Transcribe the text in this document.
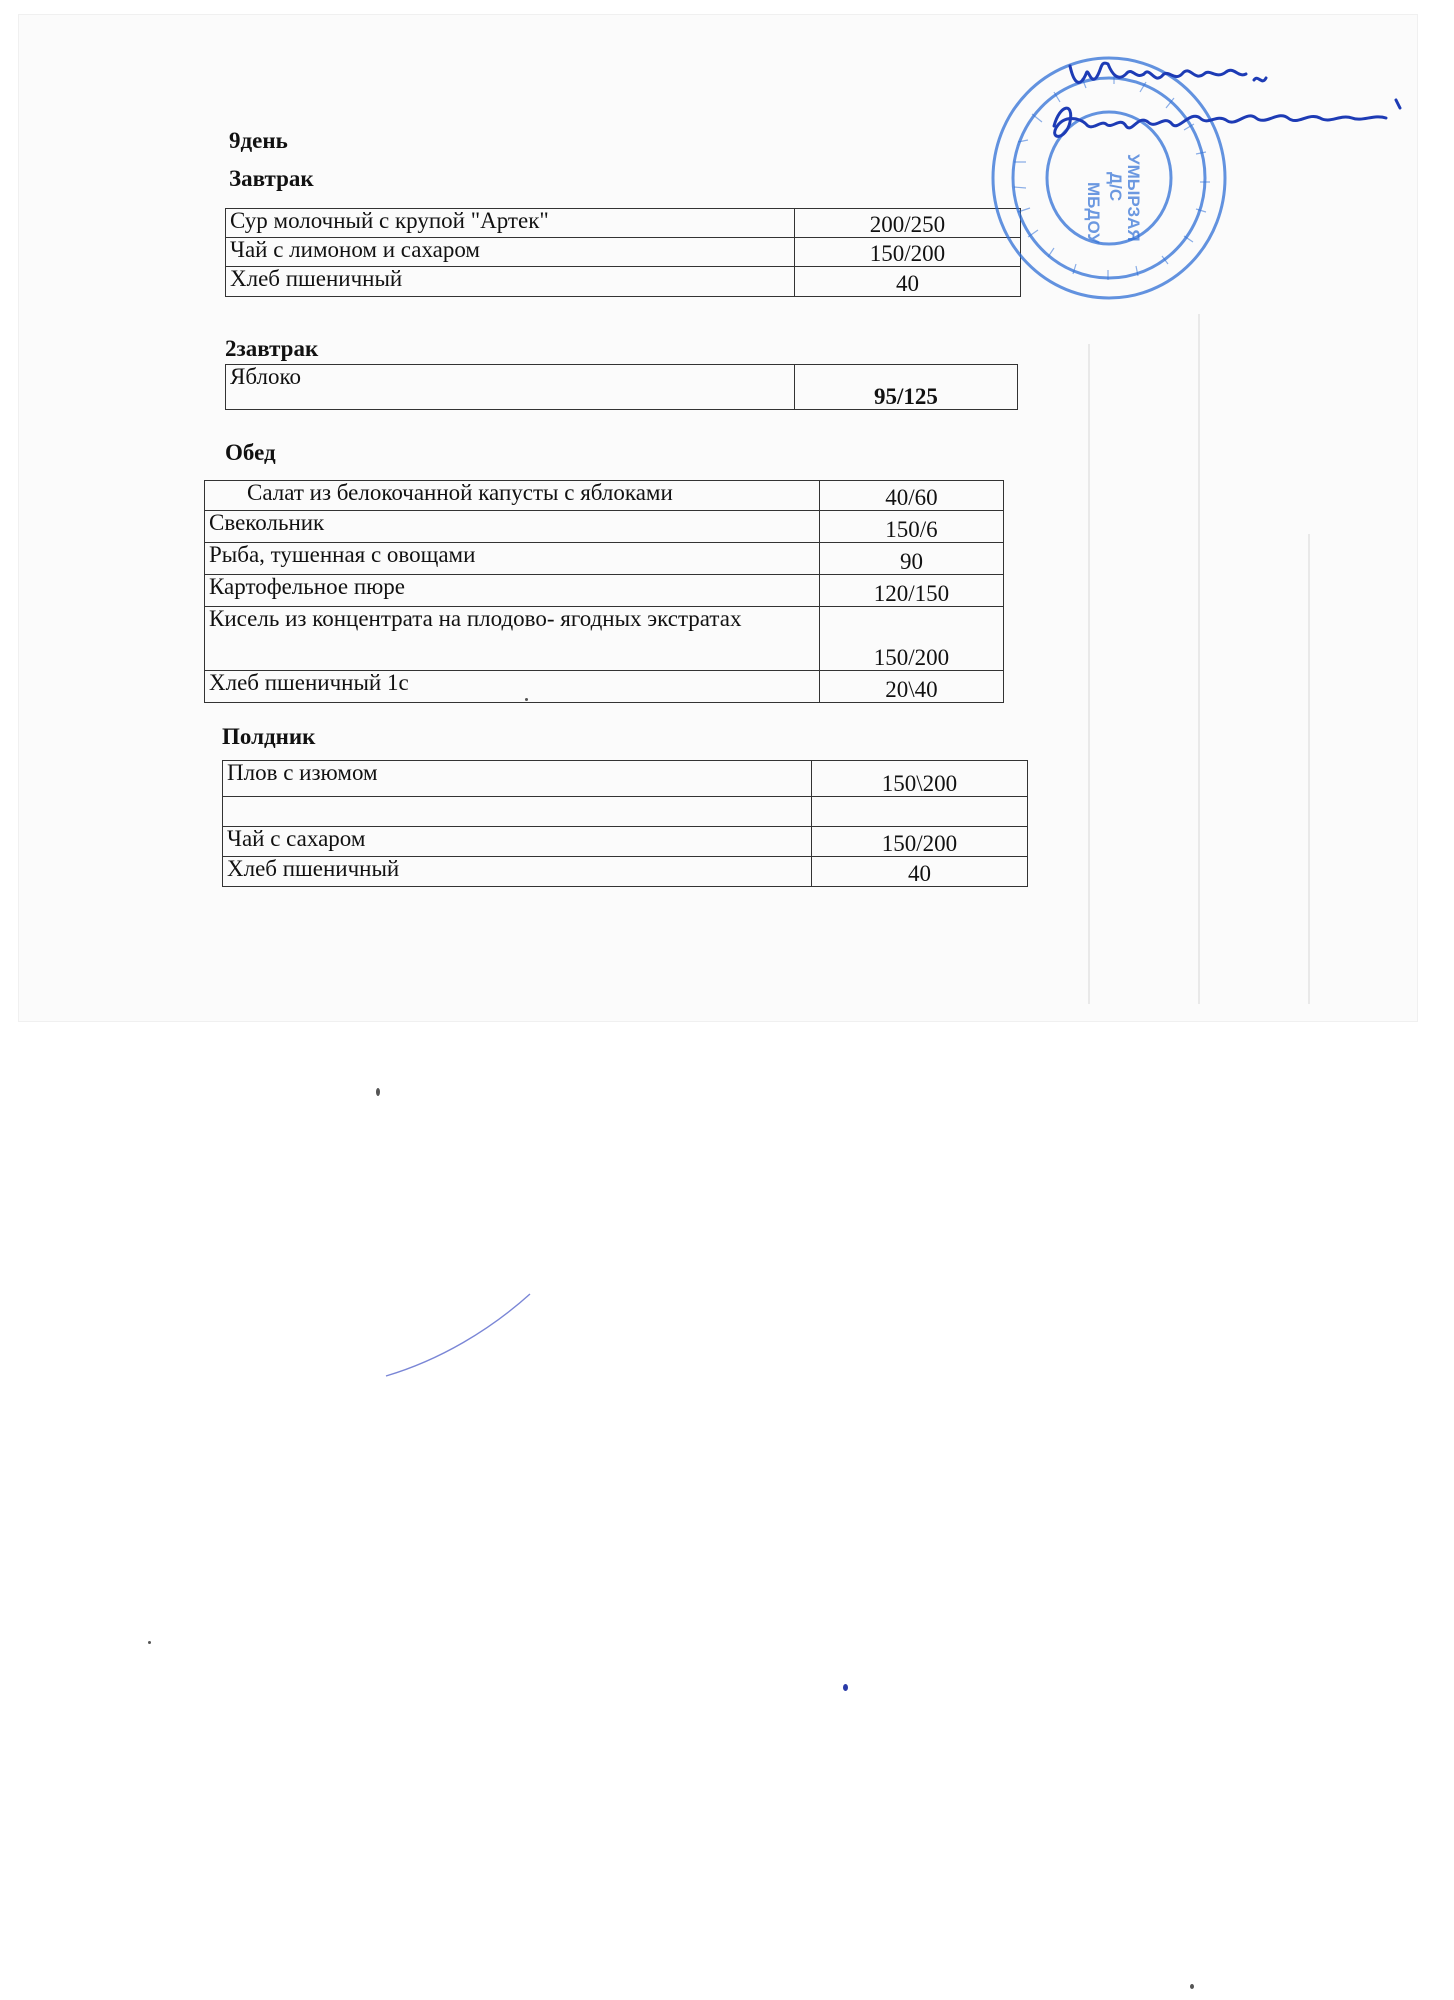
9день
Завтрак
Сур молочный с крупой "Артек"	200/250
Чай с лимоном и сахаром	150/200
Хлеб пшеничный	40
2завтрак
Яблоко	95/125
Обед
Салат из белокочанной капусты с яблоками	40/60
Свекольник	150/6
Рыба, тушенная с овощами	90
Картофельное пюре	120/150
Кисель из концентрата на плодово- ягодных экстратах	150/200
Хлеб пшеничный 1с	20\40
Полдник
Плов с изюмом	150\200

Чай с сахаром	150/200
Хлеб пшеничный	40
МБДОУ Д/С УМЫРЗАЯ
